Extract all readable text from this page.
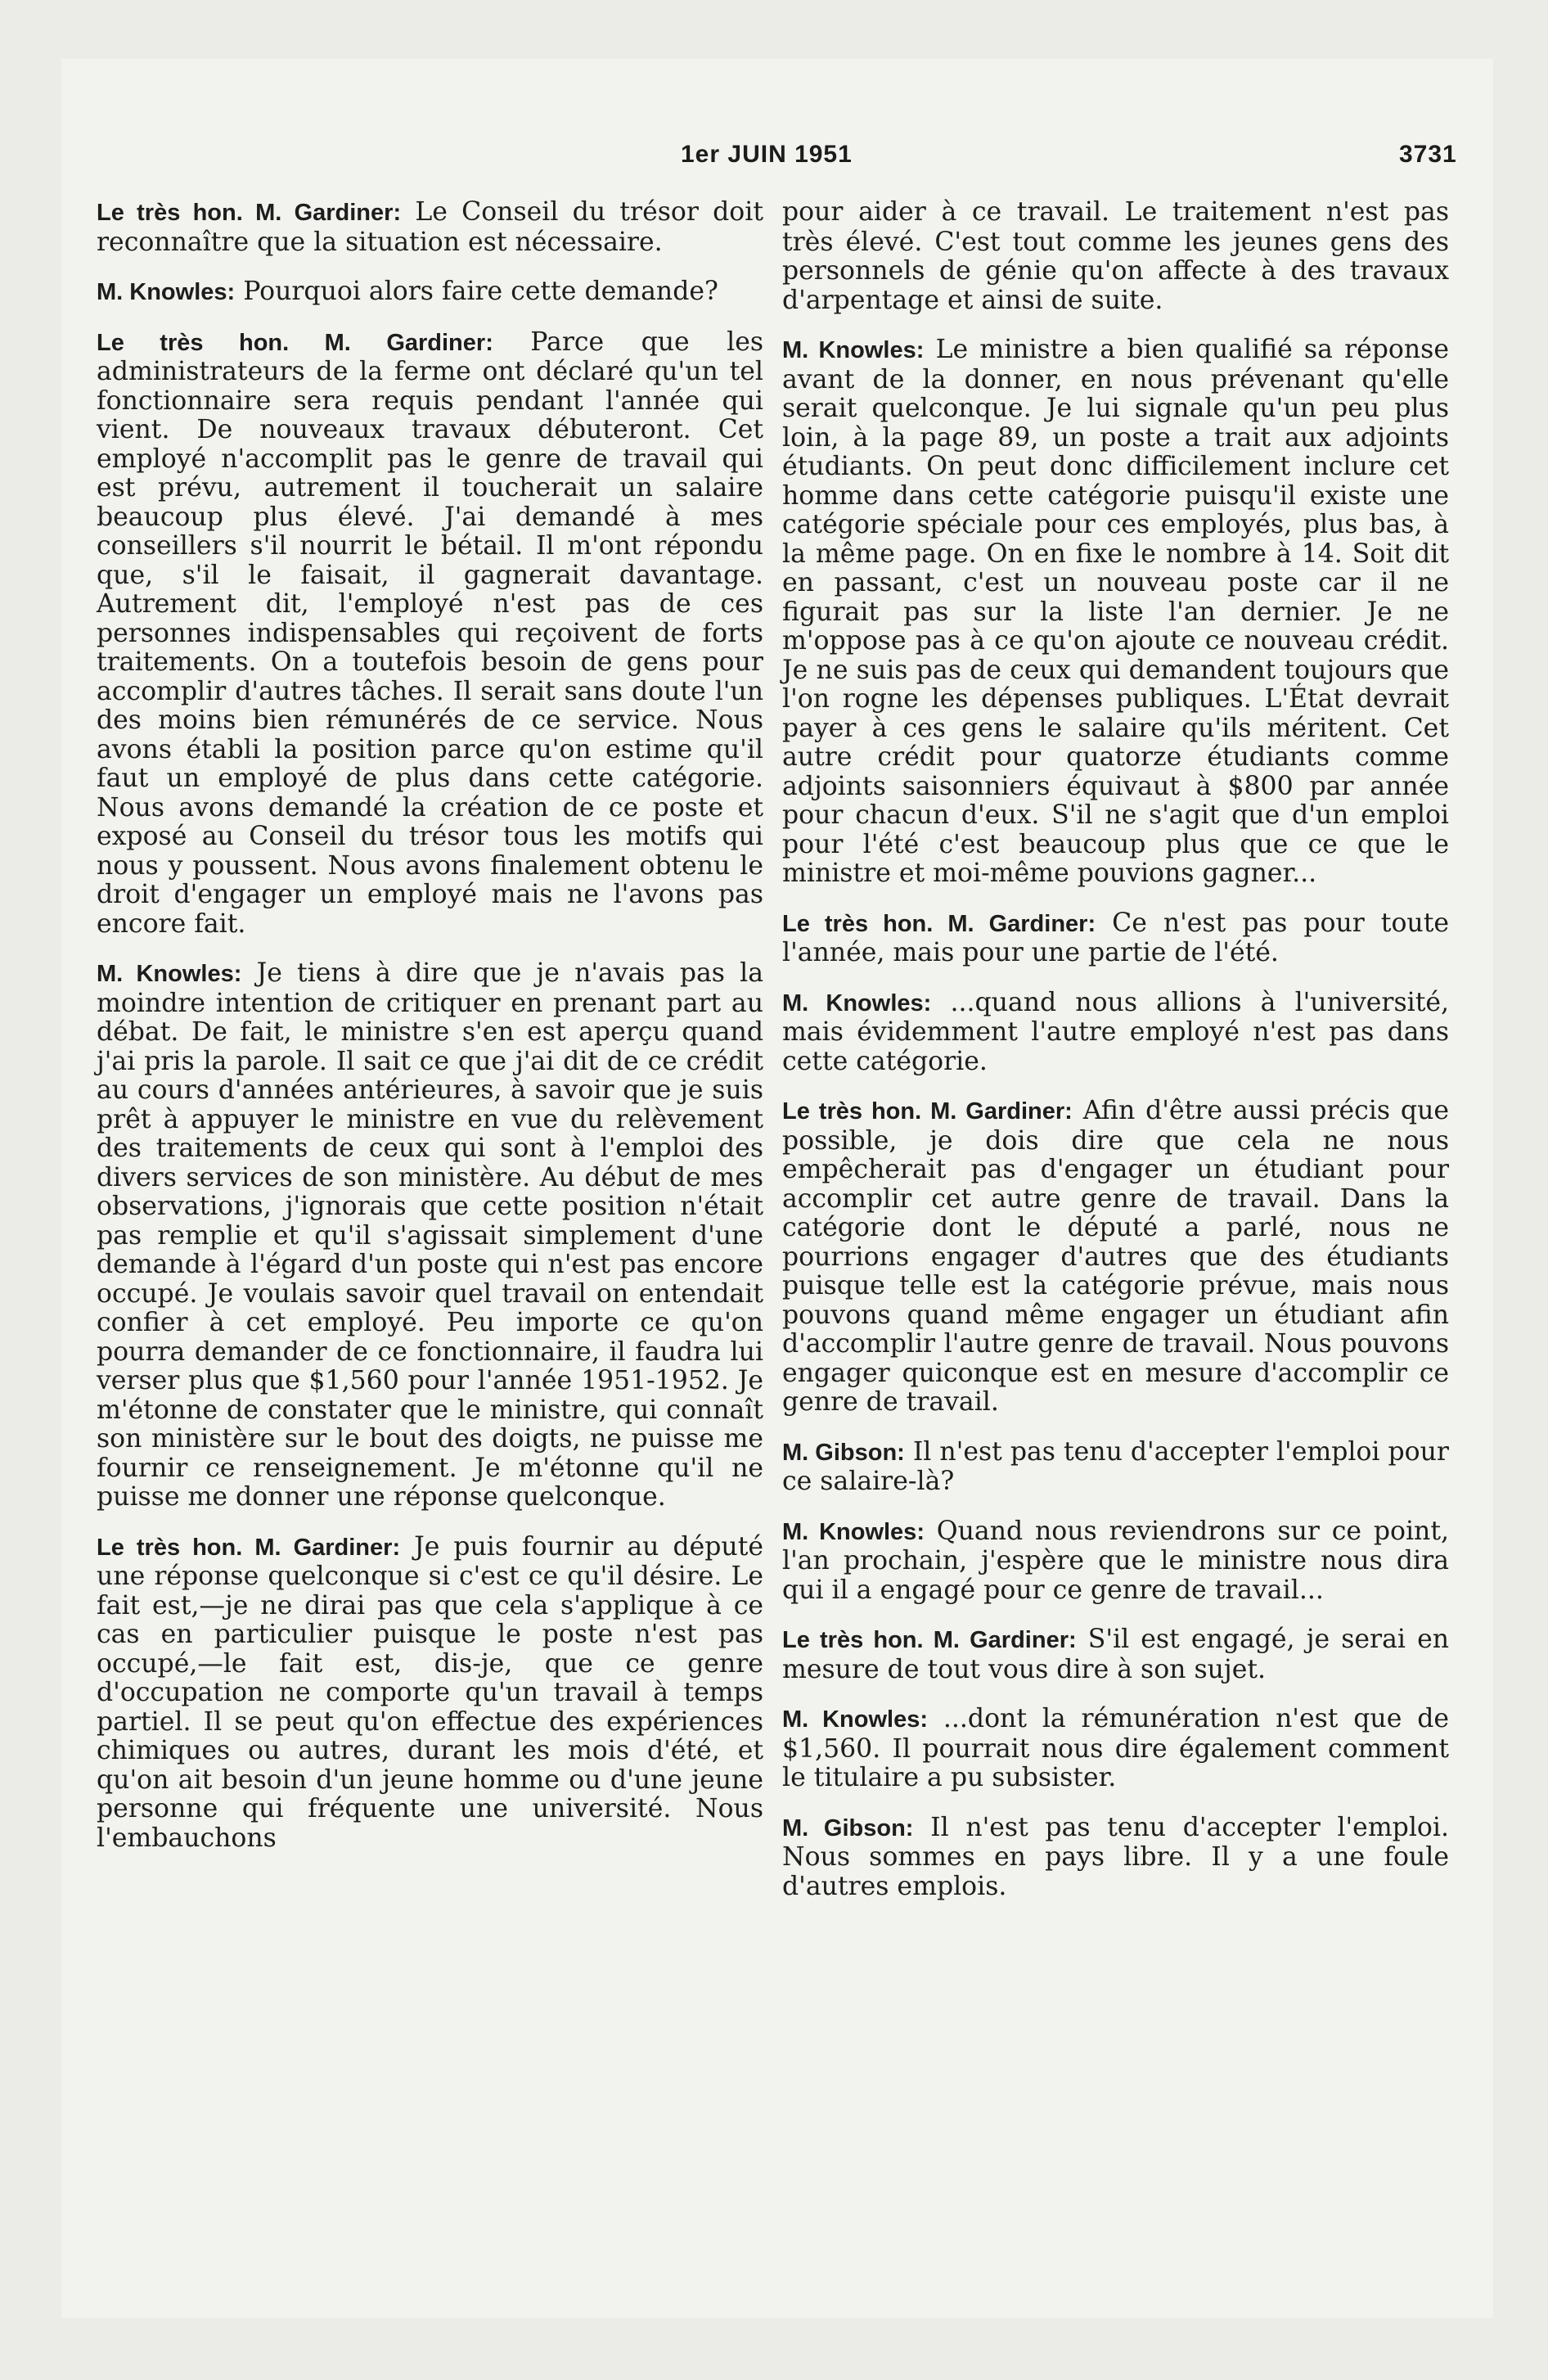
1er JUIN 1951	3731

Le très hon. M. Gardiner: Le Conseil du trésor doit reconnaître que la situation est nécessaire.

M. Knowles: Pourquoi alors faire cette demande?

Le très hon. M. Gardiner: Parce que les administrateurs de la ferme ont déclaré qu'un tel fonctionnaire sera requis pendant l'année qui vient. De nouveaux travaux débuteront. Cet employé n'accomplit pas le genre de travail qui est prévu, autrement il toucherait un salaire beaucoup plus élevé. J'ai demandé à mes conseillers s'il nourrit le bétail. Il m'ont répondu que, s'il le faisait, il gagnerait davantage. Autrement dit, l'employé n'est pas de ces personnes indispensables qui reçoivent de forts traitements. On a toutefois besoin de gens pour accomplir d'autres tâches. Il serait sans doute l'un des moins bien rémunérés de ce service. Nous avons établi la position parce qu'on estime qu'il faut un employé de plus dans cette catégorie. Nous avons demandé la création de ce poste et exposé au Conseil du trésor tous les motifs qui nous y poussent. Nous avons finalement obtenu le droit d'engager un employé mais ne l'avons pas encore fait.

M. Knowles: Je tiens à dire que je n'avais pas la moindre intention de critiquer en prenant part au débat. De fait, le ministre s'en est aperçu quand j'ai pris la parole. Il sait ce que j'ai dit de ce crédit au cours d'années antérieures, à savoir que je suis prêt à appuyer le ministre en vue du relèvement des traitements de ceux qui sont à l'emploi des divers services de son ministère. Au début de mes observations, j'ignorais que cette position n'était pas remplie et qu'il s'agissait simplement d'une demande à l'égard d'un poste qui n'est pas encore occupé. Je voulais savoir quel travail on entendait confier à cet employé. Peu importe ce qu'on pourra demander de ce fonctionnaire, il faudra lui verser plus que $1,560 pour l'année 1951-1952. Je m'étonne de constater que le ministre, qui connaît son ministère sur le bout des doigts, ne puisse me fournir ce renseignement. Je m'étonne qu'il ne puisse me donner une réponse quelconque.

Le très hon. M. Gardiner: Je puis fournir au député une réponse quelconque si c'est ce qu'il désire. Le fait est,—je ne dirai pas que cela s'applique à ce cas en particulier puisque le poste n'est pas occupé,—le fait est, dis-je, que ce genre d'occupation ne comporte qu'un travail à temps partiel. Il se peut qu'on effectue des expériences chimiques ou autres, durant les mois d'été, et qu'on ait besoin d'un jeune homme ou d'une jeune personne qui fréquente une université. Nous l'embauchons

pour aider à ce travail. Le traitement n'est pas très élevé. C'est tout comme les jeunes gens des personnels de génie qu'on affecte à des travaux d'arpentage et ainsi de suite.

M. Knowles: Le ministre a bien qualifié sa réponse avant de la donner, en nous prévenant qu'elle serait quelconque. Je lui signale qu'un peu plus loin, à la page 89, un poste a trait aux adjoints étudiants. On peut donc difficilement inclure cet homme dans cette catégorie puisqu'il existe une catégorie spéciale pour ces employés, plus bas, à la même page. On en fixe le nombre à 14. Soit dit en passant, c'est un nouveau poste car il ne figurait pas sur la liste l'an dernier. Je ne m'oppose pas à ce qu'on ajoute ce nouveau crédit. Je ne suis pas de ceux qui demandent toujours que l'on rogne les dépenses publiques. L'État devrait payer à ces gens le salaire qu'ils méritent. Cet autre crédit pour quatorze étudiants comme adjoints saisonniers équivaut à $800 par année pour chacun d'eux. S'il ne s'agit que d'un emploi pour l'été c'est beaucoup plus que ce que le ministre et moi-même pouvions gagner...

Le très hon. M. Gardiner: Ce n'est pas pour toute l'année, mais pour une partie de l'été.

M. Knowles: ...quand nous allions à l'université, mais évidemment l'autre employé n'est pas dans cette catégorie.

Le très hon. M. Gardiner: Afin d'être aussi précis que possible, je dois dire que cela ne nous empêcherait pas d'engager un étudiant pour accomplir cet autre genre de travail. Dans la catégorie dont le député a parlé, nous ne pourrions engager d'autres que des étudiants puisque telle est la catégorie prévue, mais nous pouvons quand même engager un étudiant afin d'accomplir l'autre genre de travail. Nous pouvons engager quiconque est en mesure d'accomplir ce genre de travail.

M. Gibson: Il n'est pas tenu d'accepter l'emploi pour ce salaire-là?

M. Knowles: Quand nous reviendrons sur ce point, l'an prochain, j'espère que le ministre nous dira qui il a engagé pour ce genre de travail...

Le très hon. M. Gardiner: S'il est engagé, je serai en mesure de tout vous dire à son sujet.

M. Knowles: ...dont la rémunération n'est que de $1,560. Il pourrait nous dire également comment le titulaire a pu subsister.

M. Gibson: Il n'est pas tenu d'accepter l'emploi. Nous sommes en pays libre. Il y a une foule d'autres emplois.
